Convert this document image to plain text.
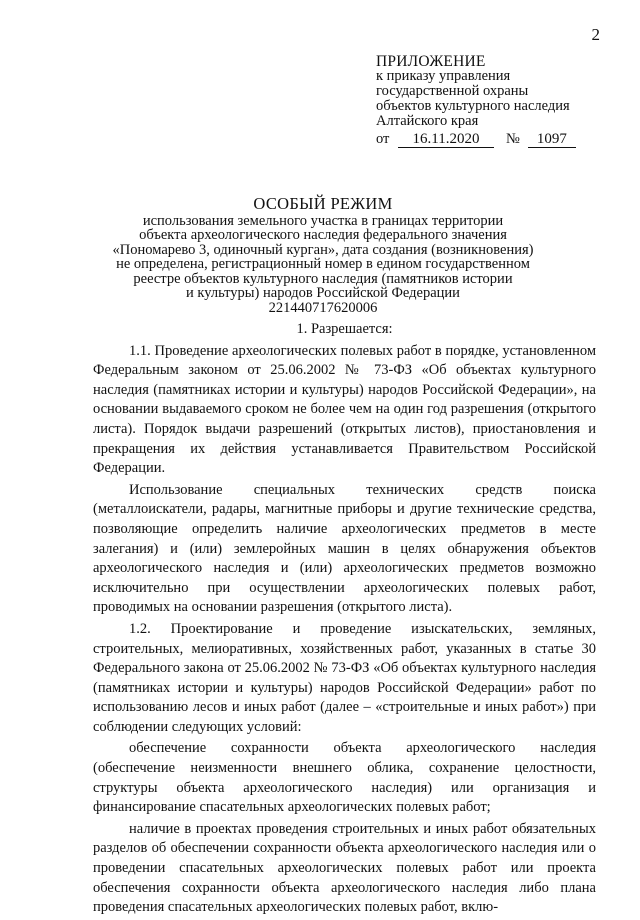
2
ПРИЛОЖЕНИЕ
к приказу управления
государственной охраны
объектов культурного наследия
Алтайского края
от	16.11.2020	№	1097
ОСОБЫЙ РЕЖИМ
использования земельного участка в границах территории
объекта археологического наследия федерального значения
«Пономарево 3, одиночный курган», дата создания (возникновения)
не определена, регистрационный номер в едином государственном
реестре объектов культурного наследия (памятников истории
и культуры) народов Российской Федерации
221440717620006
1. Разрешается:

1.1. Проведение археологических полевых работ в порядке, установленном Федеральным законом от 25.06.2002 № 73-ФЗ «Об объектах культурного наследия (памятниках истории и культуры) народов Российской Федерации», на основании выдаваемого сроком не более чем на один год разрешения (открытого листа). Порядок выдачи разрешений (открытых листов), приостановления и прекращения их действия устанавливается Правительством Российской Федерации.

Использование специальных технических средств поиска (металлоискатели, радары, магнитные приборы и другие технические средства, позволяющие определить наличие археологических предметов в месте залегания) и (или) землеройных машин в целях обнаружения объектов археологического наследия и (или) археологических предметов возможно исключительно при осуществлении археологических полевых работ, проводимых на основании разрешения (открытого листа).

1.2. Проектирование и проведение изыскательских, земляных, строительных, мелиоративных, хозяйственных работ, указанных в статье 30 Федерального закона от 25.06.2002 № 73-ФЗ «Об объектах культурного наследия (памятниках истории и культуры) народов Российской Федерации» работ по использованию лесов и иных работ (далее – «строительные и иных работ») при соблюдении следующих условий:

обеспечение сохранности объекта археологического наследия (обеспечение неизменности внешнего облика, сохранение целостности, структуры объекта археологического наследия) или организация и финансирование спасательных археологических полевых работ;

наличие в проектах проведения строительных и иных работ обязательных разделов об обеспечении сохранности объекта археологического наследия или о проведении спасательных археологических полевых работ или проекта обеспечения сохранности объекта археологического наследия либо плана проведения спасательных археологических полевых работ, вклю-
